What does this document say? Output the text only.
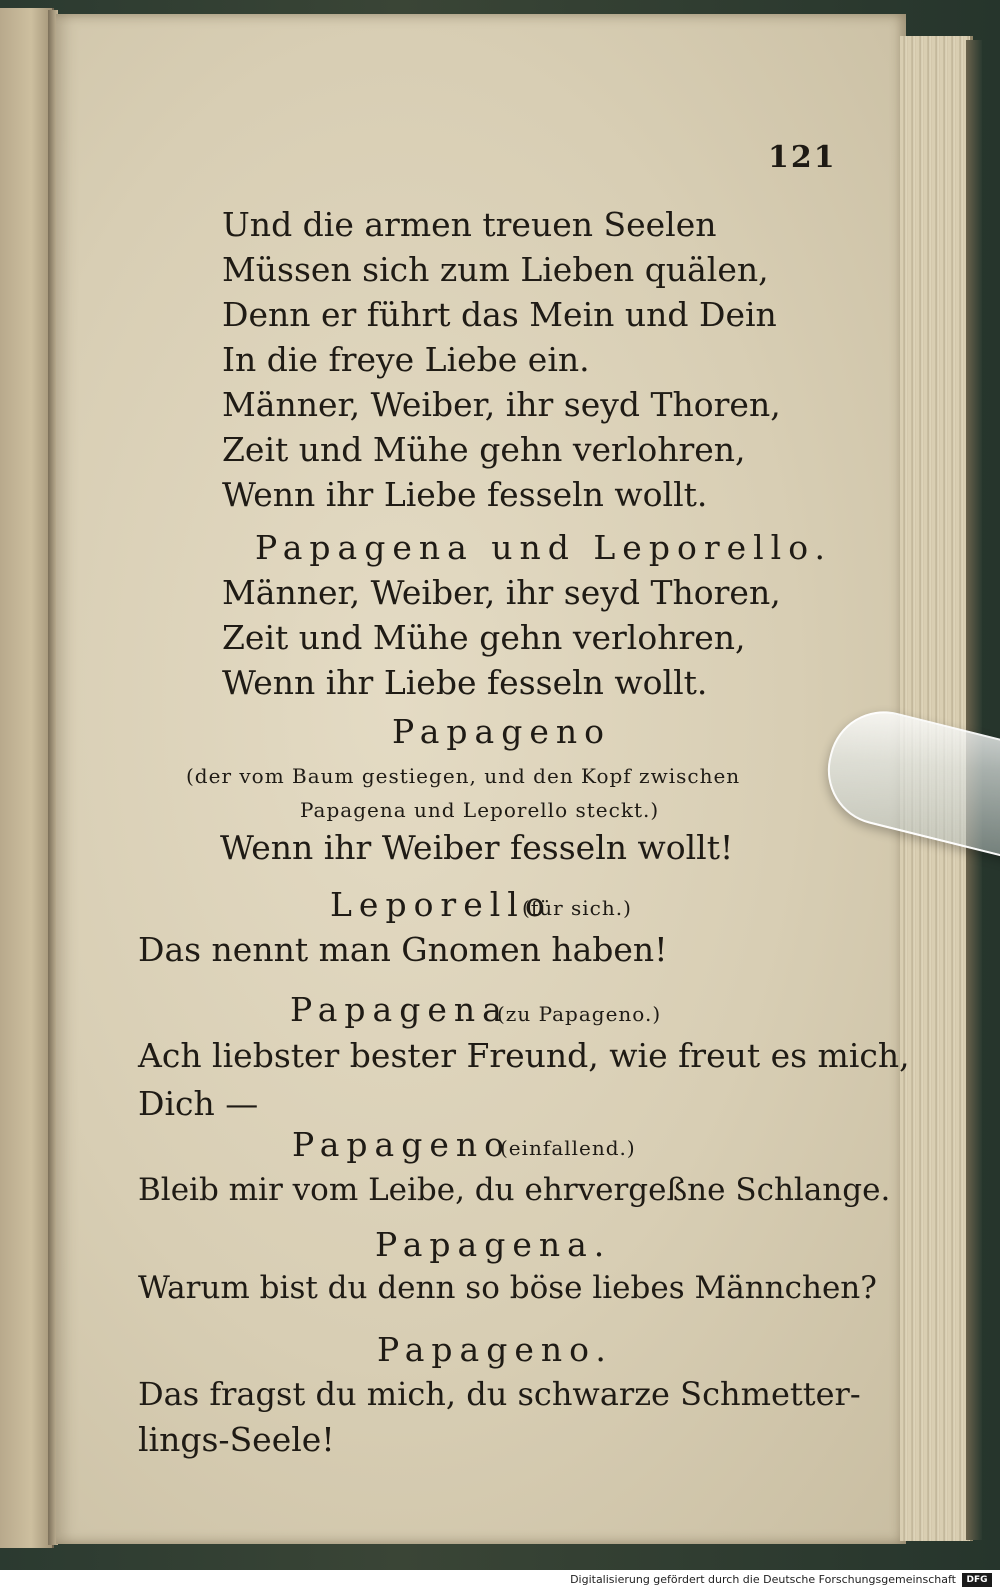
121
Und die armen treuen Seelen
Müssen sich zum Lieben quälen,
Denn er führt das Mein und Dein
In die freye Liebe ein.
Männer, Weiber, ihr seyd Thoren,
Zeit und Mühe gehn verlohren,
Wenn ihr Liebe fesseln wollt.
Papagena und Leporello.
Männer, Weiber, ihr seyd Thoren,
Zeit und Mühe gehn verlohren,
Wenn ihr Liebe fesseln wollt.
Papageno
(der vom Baum gestiegen, und den Kopf zwischen
Papagena und Leporello steckt.)
Wenn ihr Weiber fesseln wollt!
Leporello
(für sich.)
Das nennt man Gnomen haben!
Papagena
(zu Papageno.)
Ach liebster bester Freund, wie freut es mich,
Dich —
Papageno
(einfallend.)
Bleib mir vom Leibe, du ehrvergeßne Schlange.
Papagena.
Warum bist du denn so böse liebes Männchen?
Papageno.
Das fragst du mich, du schwarze Schmetter-
lings-Seele!
Digitalisierung gefördert durch die Deutsche Forschungsgemeinschaft	DFG
